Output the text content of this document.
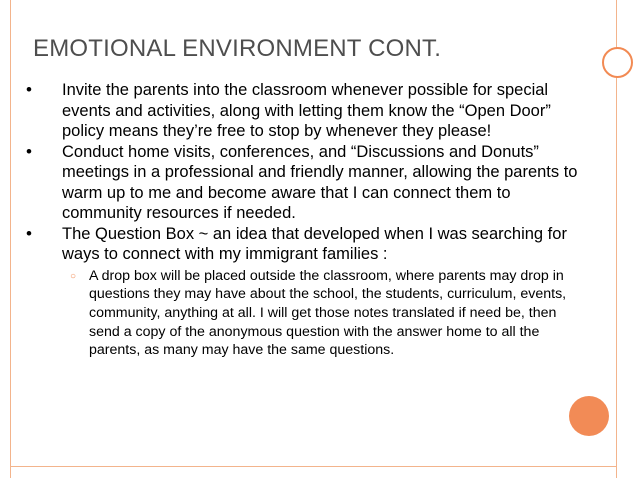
EMOTIONAL ENVIRONMENT CONT.
• Invite the parents into the classroom whenever possible for special events and activities, along with letting them know the “Open Door” policy means they’re free to stop by whenever they please!
• Conduct home visits, conferences, and “Discussions and Donuts” meetings in a professional and friendly manner, allowing the parents to warm up to me and become aware that I can connect them to community resources if needed.
• The Question Box ~ an idea that developed when I was searching for ways to connect with my immigrant families :
○ A drop box will be placed outside the classroom, where parents may drop in questions they may have about the school, the students, curriculum, events, community, anything at all. I will get those notes translated if need be, then send a copy of the anonymous question with the answer home to all the parents, as many may have the same questions.
